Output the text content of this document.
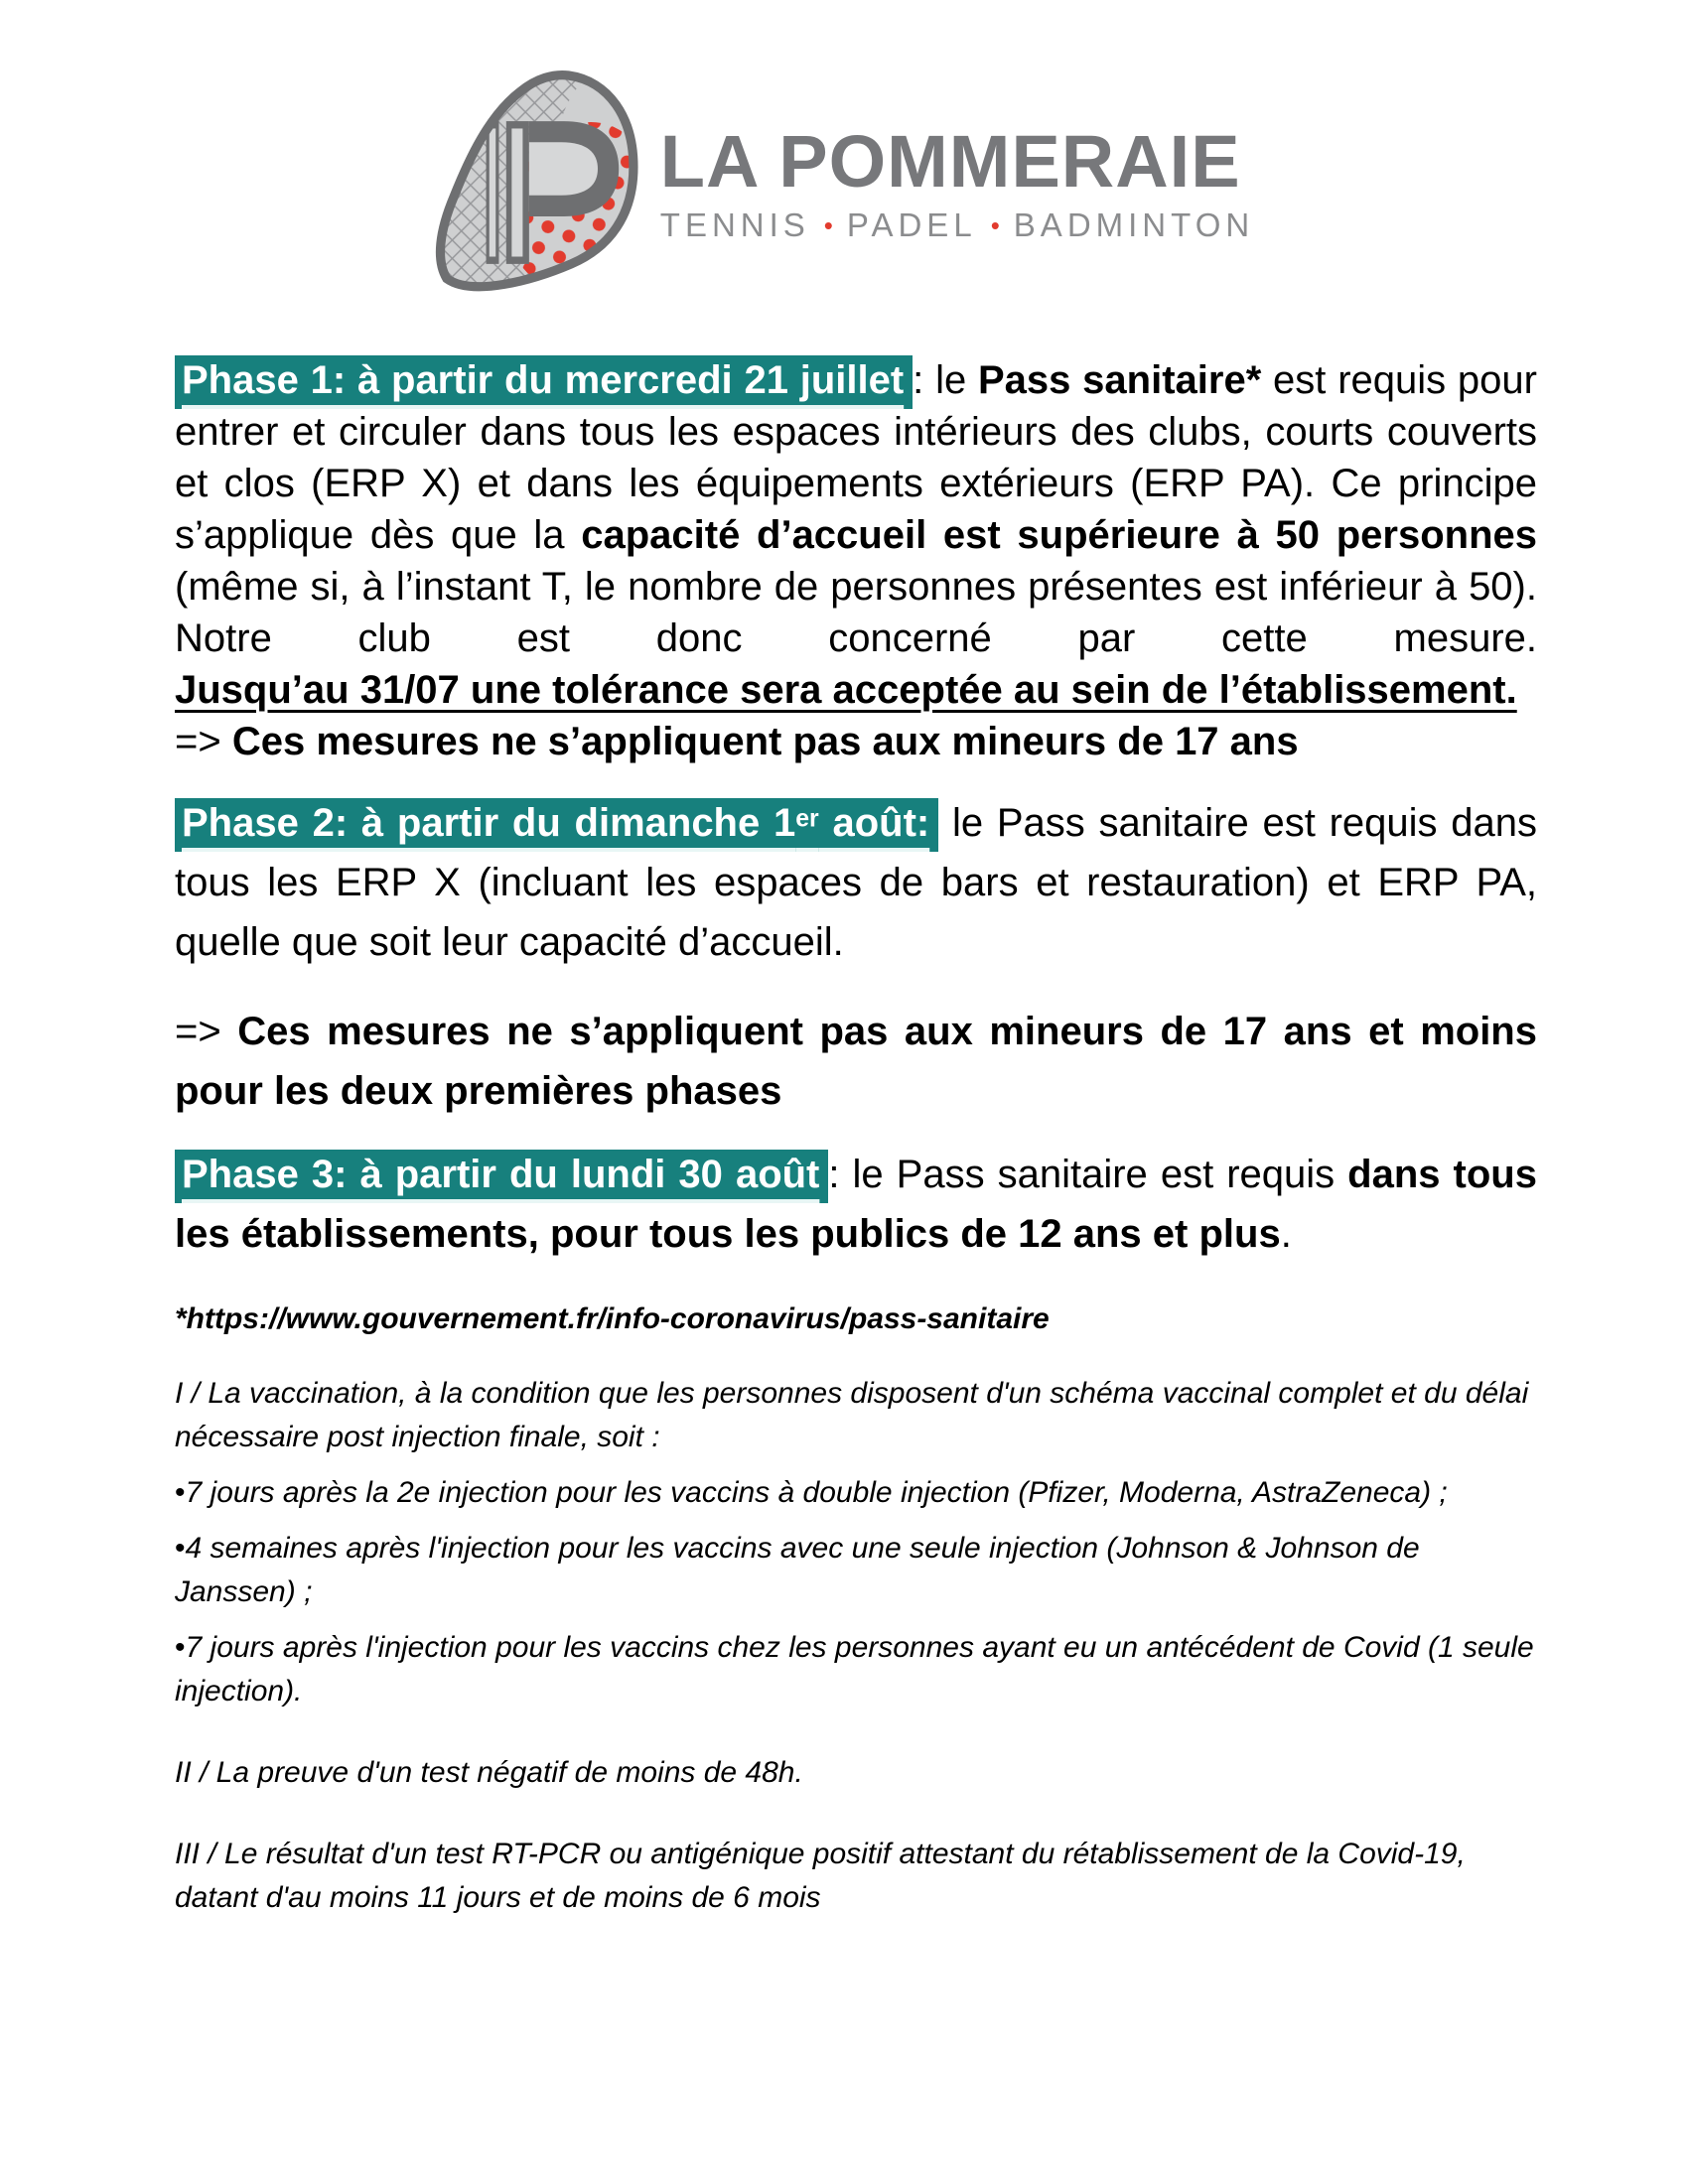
LA POMMERAIE
TENNIS • PADEL • BADMINTON
Phase 1: à partir du mercredi 21 juillet : le Pass sanitaire* est requis pour entrer et circuler dans tous les espaces intérieurs des clubs, courts couverts et clos (ERP X) et dans les équipements extérieurs (ERP PA). Ce principe s’applique dès que la capacité d’accueil est supérieure à 50 personnes (même si, à l’instant T, le nombre de personnes présentes est inférieur à 50). Notre club est donc concerné par cette mesure.
Jusqu’au 31/07 une tolérance sera acceptée au sein de l’établissement.
=> Ces mesures ne s’appliquent pas aux mineurs de 17 ans
Phase 2: à partir du dimanche 1er août: le Pass sanitaire est requis dans tous les ERP X (incluant les espaces de bars et restauration) et ERP PA, quelle que soit leur capacité d’accueil.
=> Ces mesures ne s’appliquent pas aux mineurs de 17 ans et moins pour les deux premières phases
Phase 3: à partir du lundi 30 août : le Pass sanitaire est requis dans tous les établissements, pour tous les publics de 12 ans et plus.
*https://www.gouvernement.fr/info-coronavirus/pass-sanitaire
I / La vaccination, à la condition que les personnes disposent d'un schéma vaccinal complet et du délai nécessaire post injection finale, soit :
•7 jours après la 2e injection pour les vaccins à double injection (Pfizer, Moderna, AstraZeneca) ;
•4 semaines après l'injection pour les vaccins avec une seule injection (Johnson & Johnson de Janssen) ;
•7 jours après l'injection pour les vaccins chez les personnes ayant eu un antécédent de Covid (1 seule injection).
II / La preuve d'un test négatif de moins de 48h.
III / Le résultat d'un test RT-PCR ou antigénique positif attestant du rétablissement de la Covid-19, datant d'au moins 11 jours et de moins de 6 mois
